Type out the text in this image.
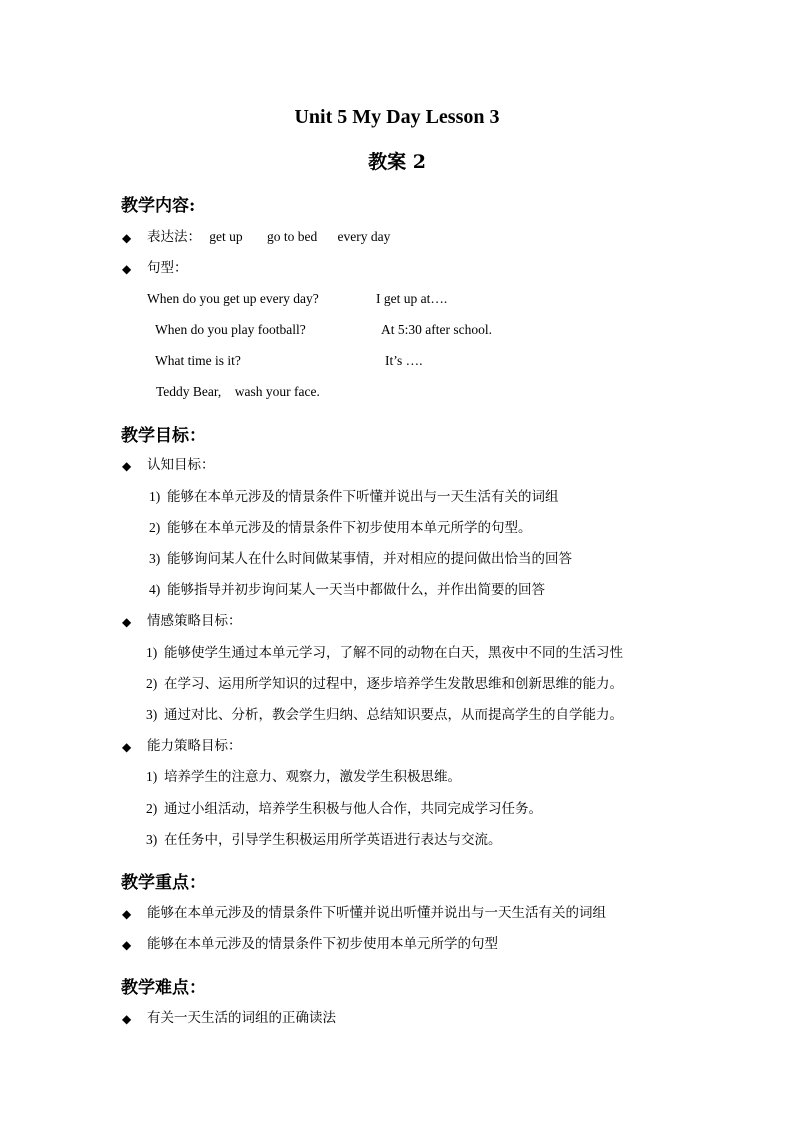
Unit 5 My Day Lesson 3
教案 2
教学内容:
◆ 表达法： get up go to bed every day
◆ 句型：
When do you get up every day?	I get up at….
When do you play football?	At 5:30 after school.
What time is it?	It’s ….
Teddy Bear,    wash your face.
教学目标：
◆ 认知目标：
1) 能够在本单元涉及的情景条件下听懂并说出与一天生活有关的词组
2) 能够在本单元涉及的情景条件下初步使用本单元所学的句型。
3) 能够询问某人在什么时间做某事情，并对相应的提问做出恰当的回答
4) 能够指导并初步询问某人一天当中都做什么，并作出简要的回答
◆ 情感策略目标：
1) 能够使学生通过本单元学习，了解不同的动物在白天，黑夜中不同的生活习性
2) 在学习、运用所学知识的过程中，逐步培养学生发散思维和创新思维的能力。
3) 通过对比、分析，教会学生归纳、总结知识要点，从而提高学生的自学能力。
◆ 能力策略目标：
1) 培养学生的注意力、观察力，激发学生积极思维。
2) 通过小组活动，培养学生积极与他人合作，共同完成学习任务。
3) 在任务中，引导学生积极运用所学英语进行表达与交流。
教学重点：
◆ 能够在本单元涉及的情景条件下听懂并说出听懂并说出与一天生活有关的词组
◆ 能够在本单元涉及的情景条件下初步使用本单元所学的句型
教学难点：
◆ 有关一天生活的词组的正确读法
